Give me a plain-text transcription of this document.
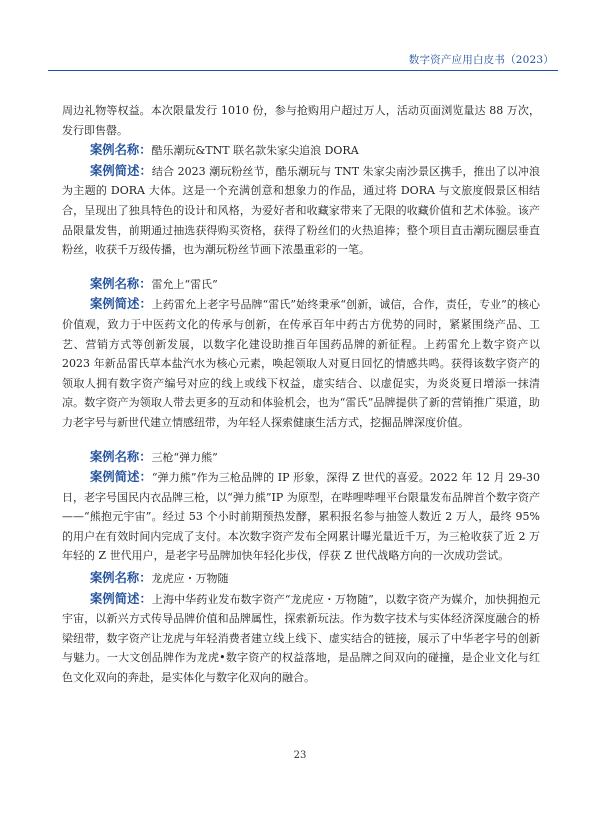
数字资产应用白皮书（2023）

周边礼物等权益。本次限量发行 1010 份，参与抢购用户超过万人，活动页面浏览量达 88 万次，发行即售罄。

案例名称：酷乐潮玩&TNT 联名款朱家尖追浪 DORA

案例简述：结合 2023 潮玩粉丝节，酷乐潮玩与 TNT 朱家尖南沙景区携手，推出了以冲浪为主题的 DORA 大体。这是一个充满创意和想象力的作品，通过将 DORA 与文旅度假景区相结合，呈现出了独具特色的设计和风格，为爱好者和收藏家带来了无限的收藏价值和艺术体验。该产品限量发售，前期通过抽选获得购买资格，获得了粉丝们的火热追捧；整个项目直击潮玩圈层垂直粉丝，收获千万级传播，也为潮玩粉丝节画下浓墨重彩的一笔。

案例名称：雷允上“雷氏”

案例简述：上药雷允上老字号品牌“雷氏”始终秉承“创新，诚信，合作，责任，专业”的核心价值观，致力于中医药文化的传承与创新，在传承百年中药古方优势的同时，紧紧围绕产品、工艺、营销方式等创新发展，以数字化建设助推百年国药品牌的新征程。上药雷允上数字资产以 2023 年新品雷氏草本盐汽水为核心元素，唤起领取人对夏日回忆的情感共鸣。获得该数字资产的领取人拥有数字资产编号对应的线上或线下权益，虚实结合、以虚促实，为炎炎夏日增添一抹清凉。数字资产为领取人带去更多的互动和体验机会，也为“雷氏”品牌提供了新的营销推广渠道，助力老字号与新世代建立情感纽带，为年轻人探索健康生活方式，挖掘品牌深度价值。

案例名称：三枪“弹力熊”

案例简述：“弹力熊”作为三枪品牌的 IP 形象，深得 Z 世代的喜爱。2022 年 12 月 29-30 日，老字号国民内衣品牌三枪，以“弹力熊”IP 为原型，在哔哩哔哩平台限量发布品牌首个数字资产——“熊抱元宇宙”。经过 53 个小时前期预热发酵，累积报名参与抽签人数近 2 万人，最终 95%的用户在有效时间内完成了支付。本次数字资产发布全网累计曝光量近千万，为三枪收获了近 2 万年轻的 Z 世代用户，是老字号品牌加快年轻化步伐，俘获 Z 世代战略方向的一次成功尝试。

案例名称：龙虎应・万物随

案例简述：上海中华药业发布数字资产“龙虎应・万物随”，以数字资产为媒介，加快拥抱元宇宙，以新兴方式传导品牌价值和品牌属性，探索新玩法。作为数字技术与实体经济深度融合的桥梁纽带，数字资产让龙虎与年轻消费者建立线上线下、虚实结合的链接，展示了中华老字号的创新与魅力。一大文创品牌作为龙虎•数字资产的权益落地，是品牌之间双向的碰撞，是企业文化与红色文化双向的奔赴，是实体化与数字化双向的融合。

23
